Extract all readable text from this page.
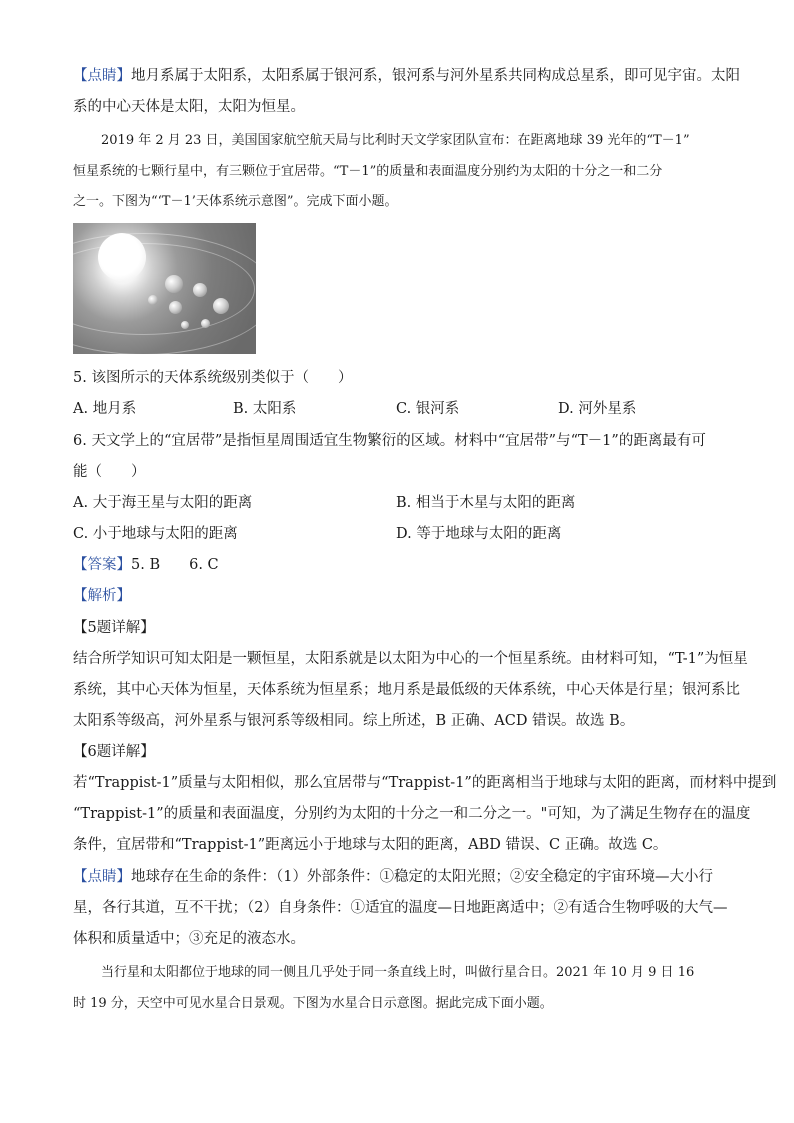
【点睛】地月系属于太阳系，太阳系属于银河系，银河系与河外星系共同构成总星系，即可见宇宙。太阳
系的中心天体是太阳，太阳为恒星。
2019 年 2 月 23 日，美国国家航空航天局与比利时天文学家团队宣布：在距离地球 39 光年的“T－1”
恒星系统的七颗行星中，有三颗位于宜居带。“T－1”的质量和表面温度分别约为太阳的十分之一和二分
之一。下图为“‘T－1’天体系统示意图”。完成下面小题。
5. 该图所示的天体系统级别类似于（　　）
A. 地月系	B. 太阳系	C. 银河系	D. 河外星系
6. 天文学上的“宜居带”是指恒星周围适宜生物繁衍的区域。材料中“宜居带”与“T－1”的距离最有可
能（　　）
A. 大于海王星与太阳的距离	B. 相当于木星与太阳的距离
C. 小于地球与太阳的距离	D. 等于地球与太阳的距离
【答案】5. B　　6. C
【解析】
【5题详解】
结合所学知识可知太阳是一颗恒星，太阳系就是以太阳为中心的一个恒星系统。由材料可知，“T-1”为恒星
系统，其中心天体为恒星，天体系统为恒星系；地月系是最低级的天体系统，中心天体是行星；银河系比
太阳系等级高，河外星系与银河系等级相同。综上所述，B 正确、ACD 错误。故选 B。
【6题详解】
若“Trappist-1”质量与太阳相似，那么宜居带与“Trappist-1”的距离相当于地球与太阳的距离，而材料中提到
“Trappist-1”的质量和表面温度，分别约为太阳的十分之一和二分之一。"可知，为了满足生物存在的温度
条件，宜居带和“Trappist-1”距离远小于地球与太阳的距离，ABD 错误、C 正确。故选 C。
【点睛】地球存在生命的条件：（1）外部条件：①稳定的太阳光照；②安全稳定的宇宙环境—大小行
星，各行其道，互不干扰；（2）自身条件：①适宜的温度—日地距离适中；②有适合生物呼吸的大气—
体积和质量适中；③充足的液态水。
当行星和太阳都位于地球的同一侧且几乎处于同一条直线上时，叫做行星合日。2021 年 10 月 9 日 16
时 19 分，天空中可见水星合日景观。下图为水星合日示意图。据此完成下面小题。
